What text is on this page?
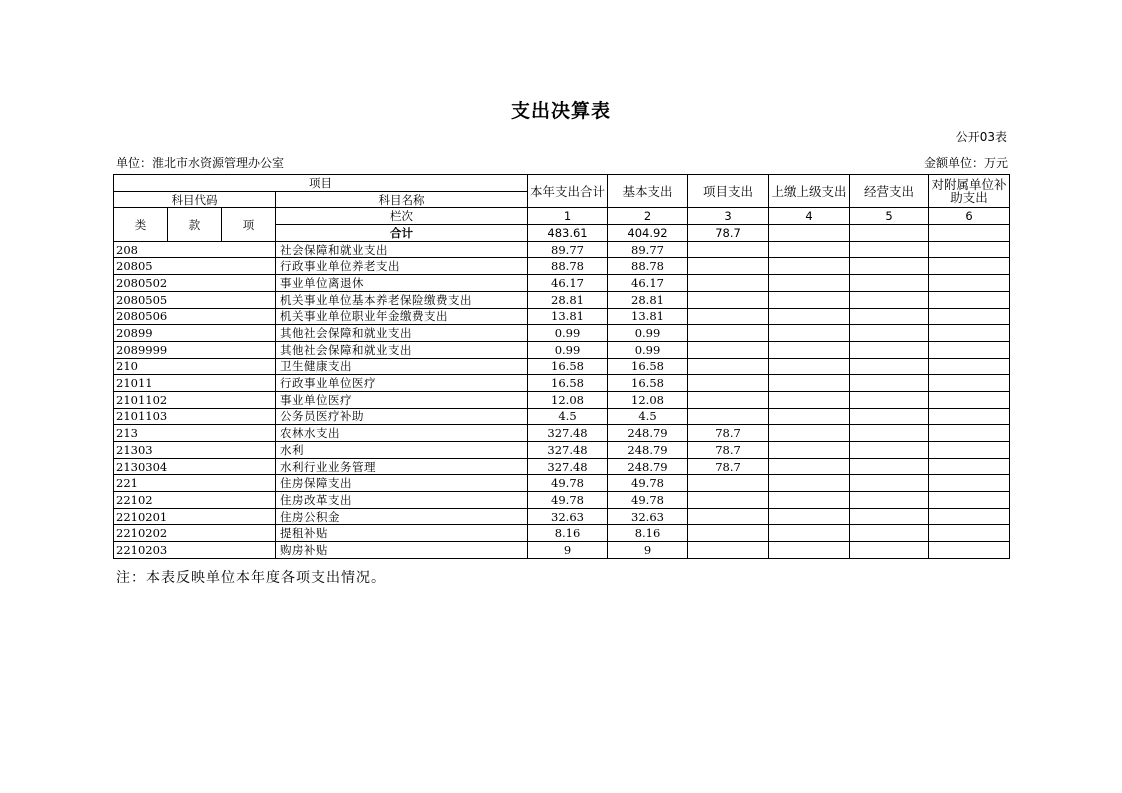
支出决算表
公开03表
单位：淮北市水资源管理办公室	金额单位：万元
项目				本年支出合计	基本支出	项目支出	上缴上级支出	经营支出	对附属单位补助支出
科目代码			科目名称						
类	款	项	栏次	1	2	3	4	5	6
			合计	483.61	404.92	78.7			
208			社会保障和就业支出	89.77	89.77				
20805			行政事业单位养老支出	88.78	88.78				
2080502			事业单位离退休	46.17	46.17				
2080505			机关事业单位基本养老保险缴费支出	28.81	28.81				
2080506			机关事业单位职业年金缴费支出	13.81	13.81				
20899			其他社会保障和就业支出	0.99	0.99				
2089999			其他社会保障和就业支出	0.99	0.99				
210			卫生健康支出	16.58	16.58				
21011			行政事业单位医疗	16.58	16.58				
2101102			事业单位医疗	12.08	12.08				
2101103			公务员医疗补助	4.5	4.5				
213			农林水支出	327.48	248.79	78.7			
21303			水利	327.48	248.79	78.7			
2130304			水利行业业务管理	327.48	248.79	78.7			
221			住房保障支出	49.78	49.78				
22102			住房改革支出	49.78	49.78				
2210201			住房公积金	32.63	32.63				
2210202			提租补贴	8.16	8.16				
2210203			购房补贴	9	9				
注：本表反映单位本年度各项支出情况。
